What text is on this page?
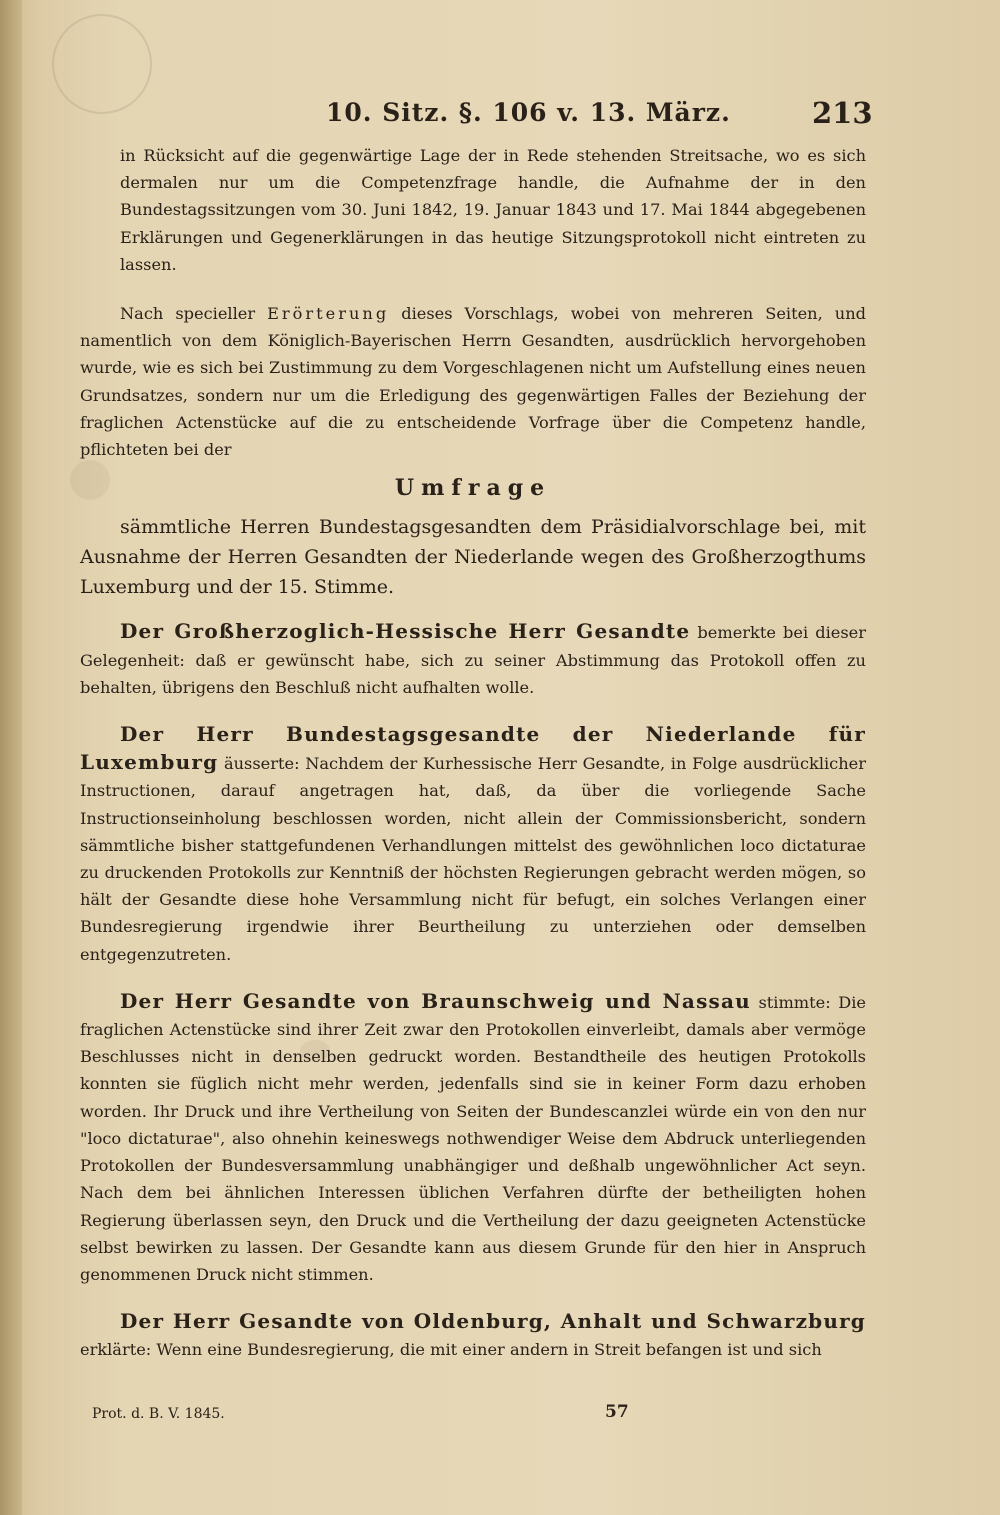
10. Sitz. §. 106 v. 13. März.	213

in Rücksicht auf die gegenwärtige Lage der in Rede stehenden Streitsache, wo es sich dermalen nur um die Competenzfrage handle, die Aufnahme der in den Bundestagssitzungen vom 30. Juni 1842, 19. Januar 1843 und 17. Mai 1844 abgegebenen Erklärungen und Gegenerklärungen in das heutige Sitzungsprotokoll nicht eintreten zu lassen.

Nach specieller Erörterung dieses Vorschlags, wobei von mehreren Seiten, und namentlich von dem Königlich-Bayerischen Herrn Gesandten, ausdrücklich hervorgehoben wurde, wie es sich bei Zustimmung zu dem Vorgeschlagenen nicht um Aufstellung eines neuen Grundsatzes, sondern nur um die Erledigung des gegenwärtigen Falles der Beziehung der fraglichen Actenstücke auf die zu entscheidende Vorfrage über die Competenz handle, pflichteten bei der

Umfrage

sämmtliche Herren Bundestagsgesandten dem Präsidialvorschlage bei, mit Ausnahme der Herren Gesandten der Niederlande wegen des Großherzogthums Luxemburg und der 15. Stimme.

Der Großherzoglich-Hessische Herr Gesandte bemerkte bei dieser Gelegenheit: daß er gewünscht habe, sich zu seiner Abstimmung das Protokoll offen zu behalten, übrigens den Beschluß nicht aufhalten wolle.

Der Herr Bundestagsgesandte der Niederlande für Luxemburg äusserte: Nachdem der Kurhessische Herr Gesandte, in Folge ausdrücklicher Instructionen, darauf angetragen hat, daß, da über die vorliegende Sache Instructionseinholung beschlossen worden, nicht allein der Commissionsbericht, sondern sämmtliche bisher stattgefundenen Verhandlungen mittelst des gewöhnlichen loco dictaturae zu druckenden Protokolls zur Kenntniß der höchsten Regierungen gebracht werden mögen, so hält der Gesandte diese hohe Versammlung nicht für befugt, ein solches Verlangen einer Bundesregierung irgendwie ihrer Beurtheilung zu unterziehen oder demselben entgegenzutreten.

Der Herr Gesandte von Braunschweig und Nassau stimmte: Die fraglichen Actenstücke sind ihrer Zeit zwar den Protokollen einverleibt, damals aber vermöge Beschlusses nicht in denselben gedruckt worden. Bestandtheile des heutigen Protokolls konnten sie füglich nicht mehr werden, jedenfalls sind sie in keiner Form dazu erhoben worden. Ihr Druck und ihre Vertheilung von Seiten der Bundescanzlei würde ein von den nur "loco dictaturae", also ohnehin keineswegs nothwendiger Weise dem Abdruck unterliegenden Protokollen der Bundesversammlung unabhängiger und deßhalb ungewöhnlicher Act seyn. Nach dem bei ähnlichen Interessen üblichen Verfahren dürfte der betheiligten hohen Regierung überlassen seyn, den Druck und die Vertheilung der dazu geeigneten Actenstücke selbst bewirken zu lassen. Der Gesandte kann aus diesem Grunde für den hier in Anspruch genommenen Druck nicht stimmen.

Der Herr Gesandte von Oldenburg, Anhalt und Schwarzburg erklärte: Wenn eine Bundesregierung, die mit einer andern in Streit befangen ist und sich

Prot. d. B. V. 1845.	57
